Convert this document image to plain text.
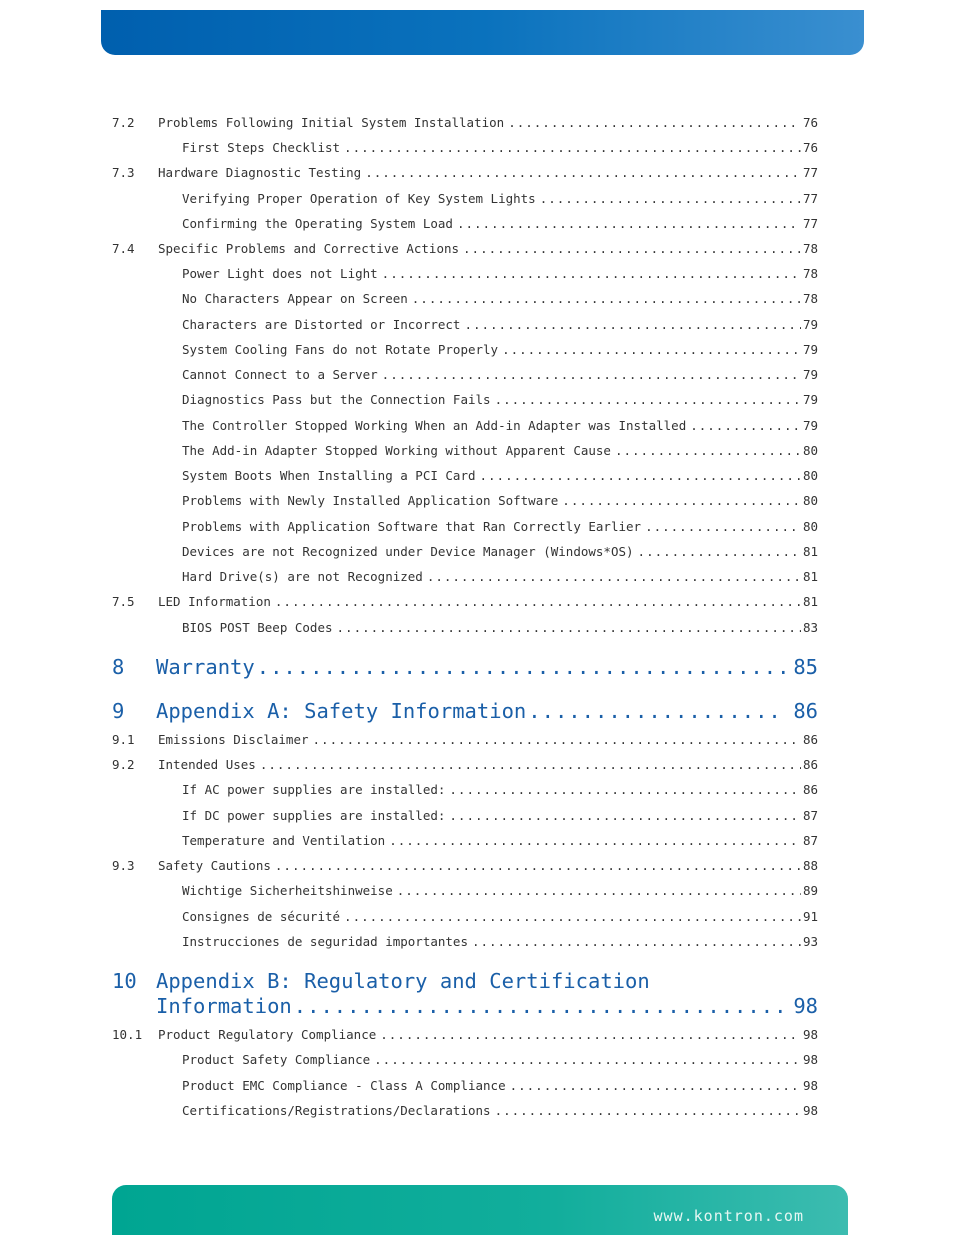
7.2	Problems Following Initial System Installation .....	76
First Steps Checklist .....	76
7.3	Hardware Diagnostic Testing .....	77
Verifying Proper Operation of Key System Lights .....	77
Confirming the Operating System Load .....	77
7.4	Specific Problems and Corrective Actions .....	78
Power Light does not Light .....	78
No Characters Appear on Screen .....	78
Characters are Distorted or Incorrect .....	79
System Cooling Fans do not Rotate Properly .....	79
Cannot Connect to a Server .....	79
Diagnostics Pass but the Connection Fails .....	79
The Controller Stopped Working When an Add-in Adapter was Installed .....	79
The Add-in Adapter Stopped Working without Apparent Cause .....	80
System Boots When Installing a PCI Card .....	80
Problems with Newly Installed Application Software .....	80
Problems with Application Software that Ran Correctly Earlier .....	80
Devices are not Recognized under Device Manager (Windows*OS) .....	81
Hard Drive(s) are not Recognized .....	81
7.5	LED Information .....	81
BIOS POST Beep Codes .....	83
8	Warranty .....	85
9	Appendix A: Safety Information .....	86
9.1	Emissions Disclaimer .....	86
9.2	Intended Uses .....	86
If AC power supplies are installed: .....	86
If DC power supplies are installed: .....	87
Temperature and Ventilation .....	87
9.3	Safety Cautions .....	88
Wichtige Sicherheitshinweise .....	89
Consignes de sécurité .....	91
Instrucciones de seguridad importantes .....	93
10 Appendix B: Regulatory and Certification
Information .....	98
10.1	Product Regulatory Compliance .....	98
Product Safety Compliance .....	98
Product EMC Compliance - Class A Compliance .....	98
Certifications/Registrations/Declarations .....	98
www.kontron.com
